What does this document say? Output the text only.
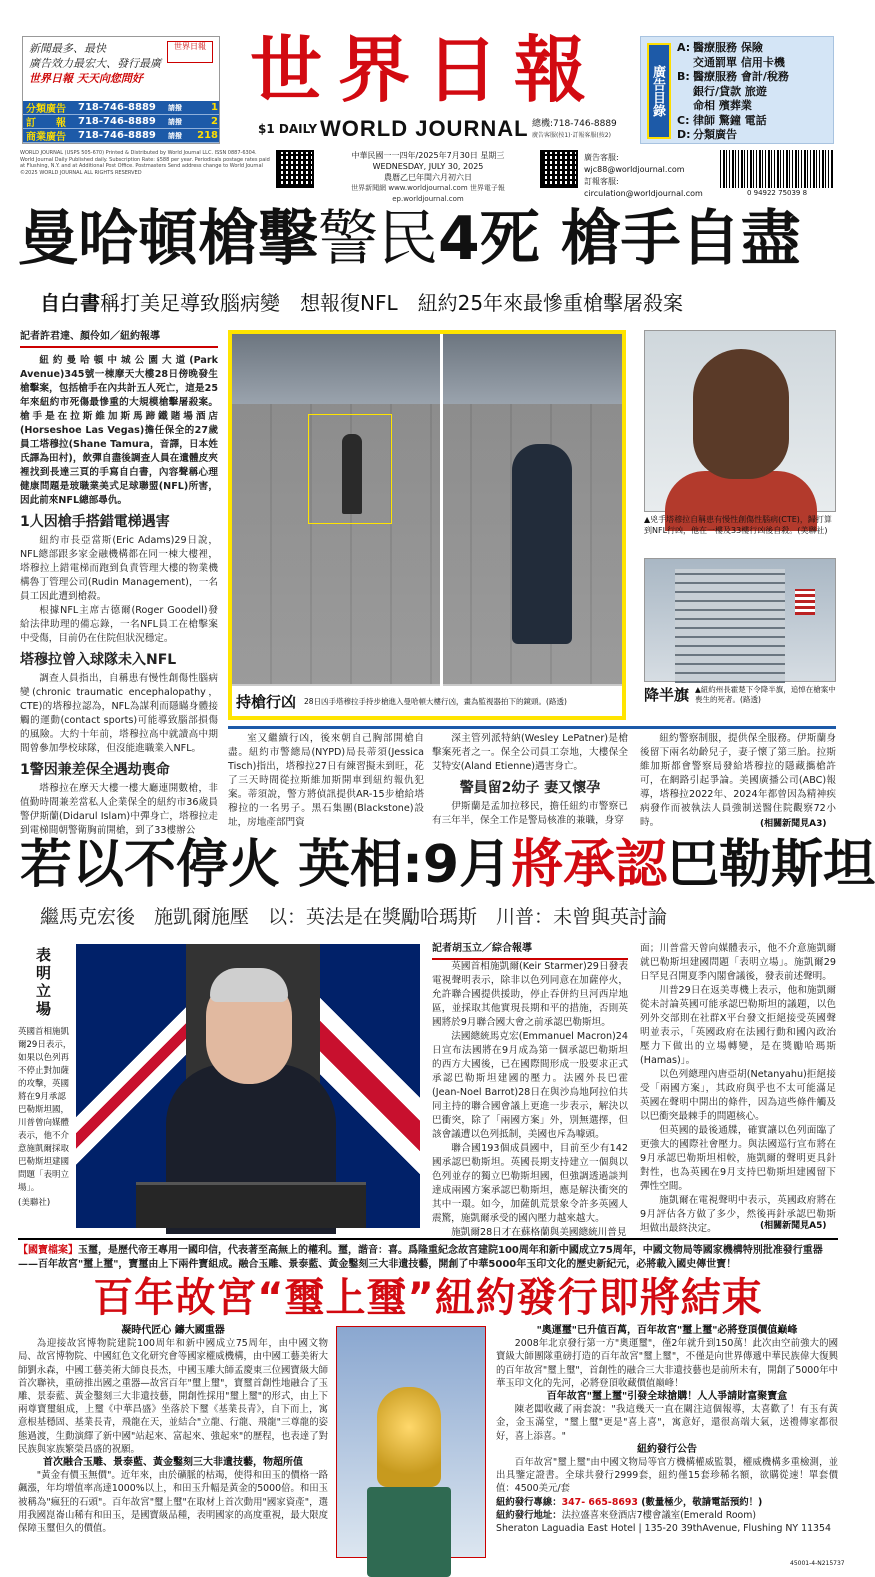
新聞最多、最快
廣告效力最宏大、發行最廣
世界日報 天天向您問好
世界日報
分類廣告	718-746-8889	請撥	1
訂　　報	718-746-8889	請撥	2
商業廣告	718-746-8889	請撥	218
世界日報
$1 DAILY WORLD JOURNAL 總機:718-746-8889
廣告客服(按1)·訂報客服(按2)
廣告目錄
A: 醫療服務 保險
交通罰單 信用卡機
B: 醫療服務 會計/稅務
銀行/貸款 旅遊
命相 殯葬業
C: 律師 驚鐘 電話
D: 分類廣告
WORLD JOURNAL (USPS 505-670) Printed & Distributed by World Journal LLC. ISSN 0887-6304. World Journal Daily Published daily. Subscription Rate: $588 per year. Periodicals postage rates paid at Flushing, N.Y. and at Additional Post Office. Postmasters Send address change to World Journal ©2025 WORLD JOURNAL ALL RIGHTS RESERVED
中華民國一一四年/2025年7月30日 星期三
WEDNESDAY, JULY 30, 2025
農曆乙巳年閏六月初六日
世界新聞網 www.worldjournal.com 世界電子報 ep.worldjournal.com
廣告客服: wjc88@worldjournal.com
訂報客服: circulation@worldjournal.com	0 94922 75039 8
曼哈頓槍擊警民4死 槍手自盡
自白書稱打美足導致腦病變　想報復NFL　紐約25年來最慘重槍擊屠殺案
記者許君達、顏伶如／紐約報導

紐約曼哈頓中城公園大道(Park Avenue)345號一棟摩天大樓28日傍晚發生槍擊案，包括槍手在內共計五人死亡，這是25年來紐約市死傷最慘重的大規模槍擊屠殺案。槍手是在拉斯維加斯馬蹄鐵賭場酒店(Horseshoe Las Vegas)擔任保全的27歲員工塔穆拉(Shane Tamura，音譯，日本姓氏譯為田村)，飲彈自盡後調查人員在遺體皮夾裡找到長達三頁的手寫自白書，內容聲稱心理健康問題是玻職業美式足球聯盟(NFL)所害，因此前來NFL總部尋仇。

1人因槍手搭錯電梯遇害

紐約市長亞當斯(Eric Adams)29日說，NFL總部跟多家金融機構都在同一棟大樓裡，塔穆拉上錯電梯而跑到負責管理大樓的物業機構魯丁管理公司(Rudin Management)，一名員工因此遭到槍殺。

根據NFL主席古德爾(Roger Goodell)發給法律助理的備忘錄，一名NFL員工在槍擊案中受傷，目前仍在住院但狀況穩定。

塔穆拉曾入球隊未入NFL

調查人員指出，自稱患有慢性創傷性腦病變(chronic traumatic encephalopathy，CTE)的塔穆拉認為，NFL為謀利而隱瞞身體接觸的運動(contact sports)可能導致腦部損傷的風險。大約十年前，塔穆拉高中就讀高中期間曾參加學校球隊，但沒能進職業入NFL。

1警因兼差保全遇劫喪命

塔穆拉在摩天大樓一樓大廳連開數槍，非值勤時間兼差當私人企業保全的紐約市36歲員警伊斯蘭(Didarul Islam)中彈身亡，塔穆拉走到電梯間朝警衛胸前開槍，到了33樓辦公

持槍行凶 28日凶手塔穆拉手持步槍進入曼哈頓大樓行凶，畫為監視器拍下的鏡頭。(路透)
▲兇手塔穆拉自稱患有慢性創傷性腦病(CTE)，歸打算到NFL行凶，他在一樓及33樓行凶後自殺。(美聯社)
降半旗 ▲紐約州長霍楚下令降半旗，追悼在槍案中喪生的死者。(路透)

室又繼續行凶，後來朝自己胸部開槍自盡。紐約市警總局(NYPD)局長蒂須(Jessica Tisch)指出，塔穆拉27日有練習擬未到旺，花了三天時間從拉斯維加斯開車到紐約報仇犯案。蒂須說，警方將偵訊提供AR-15步槍給塔穆拉的一名男子。黑石集團(Blackstone)設址，房地產部門資

深主管列派特納(Wesley LePatner)是槍擊案死者之一。保全公司員工奈地，大樓保全艾特安(Aland Etienne)遇害身亡。

警員留2幼子 妻又懷孕

伊斯蘭是孟加拉移民，擔任紐約市警察已有三年半，保全工作是警局核准的兼職，身穿

紐約警察制服，提供保全服務。伊斯蘭身後留下兩名幼齡兒子，妻子懷了第三胎。拉斯維加斯都會警察局發給塔穆拉的隱藏攜槍許可，在網路引起爭論。美國廣播公司(ABC)報導，塔穆拉2022年、2024年都曾因為精神疾病發作而被執法人員強制送醫住院觀察72小時。	(相關新聞見A3)
若以不停火 英相:9月將承認巴勒斯坦
繼馬克宏後　施凱爾施壓　以：英法是在獎勵哈瑪斯　川普：未曾與英討論
表明立場
英國首相施凱爾29日表示，如果以色列再不停止對加薩的攻擊，英國將在9月承認巴勒斯坦國，川普曾向媒體表示，他不介意施凱爾採取巴勒斯坦建國問題「表明立場」。
(美聯社)
記者胡玉立／綜合報導

英國首相施凱爾(Keir Starmer)29日發表電視聲明表示，除非以色列同意在加薩停火，允許聯合國提供援助，停止吞併約旦河西岸地區，並採取其他實現長期和平的措施，否則英國將於9月聯合國大會之前承認巴勒斯坦。

法國總統馬克宏(Emmanuel Macron)24日宣布法國將在9月成為第一個承認巴勒斯坦的西方大國後，已在國際間形成一股要求正式承認巴勒斯坦建國的壓力。法國外長巴霍(Jean-Noel Barrot)28日在與沙烏地阿拉伯共同主持的聯合國會議上更進一步表示，解決以巴衝突，除了「兩國方案」外，別無選擇，但該會議遭以色列抵制，美國也斥為噱頭。

聯合國193個成員國中，目前至少有142國承認巴勒斯坦。英國長期支持建立一個與以色列並存的獨立巴勒斯坦國，但強調透過談判達成兩國方案承認巴勒斯坦，應是解決衝突的其中一環。如今，加薩飢荒景象令許多英國人震驚，施凱爾承受的國內壓力越來越大。

施凱爾28日才在蘇格蘭與美國總統川普見

面；川普當天曾向媒體表示，他不介意施凱爾就巴勒斯坦建國問題「表明立場」。施凱爾29日罕見召開夏季內閣會議後，發表前述聲明。

川普29日在返美專機上表示，他和施凱爾從未討論英國可能承認巴勒斯坦的議題，以色列外交部則在社群X平台發文拒絕接受英國聲明並表示，「英國政府在法國行動和國內政治壓力下做出的立場轉變，是在獎勵哈瑪斯(Hamas)」。

以色列總理內唐亞胡(Netanyahu)拒絕接受「兩國方案」，其政府與乎也不太可能滿足英國在聲明中開出的條件，因為這些條件觸及以巴衝突最棘手的問題核心。

但英國的最後通牒，確實讓以色列面臨了更強大的國際社會壓力。與法國巡行宣布將在9月承認巴勒斯坦相較，施凱爾的聲明更具針對性，也為英國在9月支持巴勒斯坦建國留下彈性空間。

施凱爾在電視聲明中表示，英國政府將在9月評估各方做了多少，然後再針承認巴勒斯坦做出最終決定。	(相關新聞見A5)
【國寶檔案】玉璽，是歷代帝王專用一國印信，代表著至高無上的權利。璽，諧音：喜。爲隆重紀念故宮建院100周年和新中國成立75周年，中國文物局等國家機構特別批准發行重器——百年故宮"璽上璽"，寶璽由上下兩件寶組成。融合玉雕、景泰藍、黃金鑿刻三大非遺技藝，開創了中華5000年玉印文化的歷史新紀元，必將載入國史傳世寶！
百年故宮“璽上璽”紐約發行即將結束
凝時代匠心 鑄大國重器

為迎接故宮博物院建院100周年和新中國成立75周年，由中國文物局、故宮博物院、中國紅色文化研究會等國家權威機構，由中國工藝美術大師劉永森，中國工藝美術大師良長杰，中國玉雕大師孟慶東三位國寶級大師首次聯袂，重磅推出國之重器—故宮百年"璽上璽"，寶璽首創性地融合了玉雕、景泰藍、黃金鑿刻三大非遺技藝，開創性採用"璽上璽"的形式，由上下兩尊寶璽組成，上璽《中華昌盛》坐落於下璽《基業長青》，自下而上，寓意根基穩固、基業長青，飛龍在天，並結合"立龍、行龍、飛龍"三尊龍的姿態過渡，生動演繹了新中國"站起來、富起來、強起來"的歷程，也表達了對民族與家族繁榮昌盛的祝願。

首次融合玉雕、景泰藍、黃金鑿刻三大非遺技藝，物超所值

"黃金有價玉無價"。近年來，由於礦脈的枯竭，使得和田玉的價格一路飆漲，年均增值率高達1000%以上，和田玉升幅是黃金的5000倍。和田玉被稱為"瘋狂的石頭"。百年故宮"璽上璽"在取材上首次動用"國家資產"，選用我國崑崙山稀有和田玉，是國寶級品種，表明國家的高度重視，最大限度保障玉璽但久的價值。

"奧運璽"已升值百萬，百年故宮"璽上璽"必將登頂價值巅峰

2008年北京發行第一方"奧運璽"，僅2年就升到150萬！此次由空前強大的國寶級大師團隊重磅打造的百年故宮"璽上璽"，不僅是向世界傳遞中華民族偉大復興的百年故宮"璽上璽"，首創性的融合三大非遺技藝也是前所未有，開創了5000年中華玉印文化的先河，必將登頂收藏價值巅峰！

百年故宮"璽上璽"引發全球搶購！人人爭請財富聚寶盒

陳老闆收藏了兩套說："我這幾天一直在關注這個報導，太喜歡了！有玉有黃金，金玉滿堂，"璽上璽"更是"喜上喜"，寓意好，還很高端大氣，送禮傳家都很好，喜上添喜。"

紐約發行公告

百年故宮"璽上璽"由中國文物局等官方機構權威監製，權威機構多重檢測，並出具鑒定證書。全球共發行2999套，紐約僅15套珍稀名額，欲購從速！單套價值：4500美元/套

紐約發行專線：347- 665-8693 (數量極少，敬請電話預約！)
紐約發行地址：法拉盛喜來登酒店7樓會議室(Emerald Room)
Sheraton Laguadia East Hotel | 135-20 39thAvenue, Flushing NY 11354
45001-4-N215737
